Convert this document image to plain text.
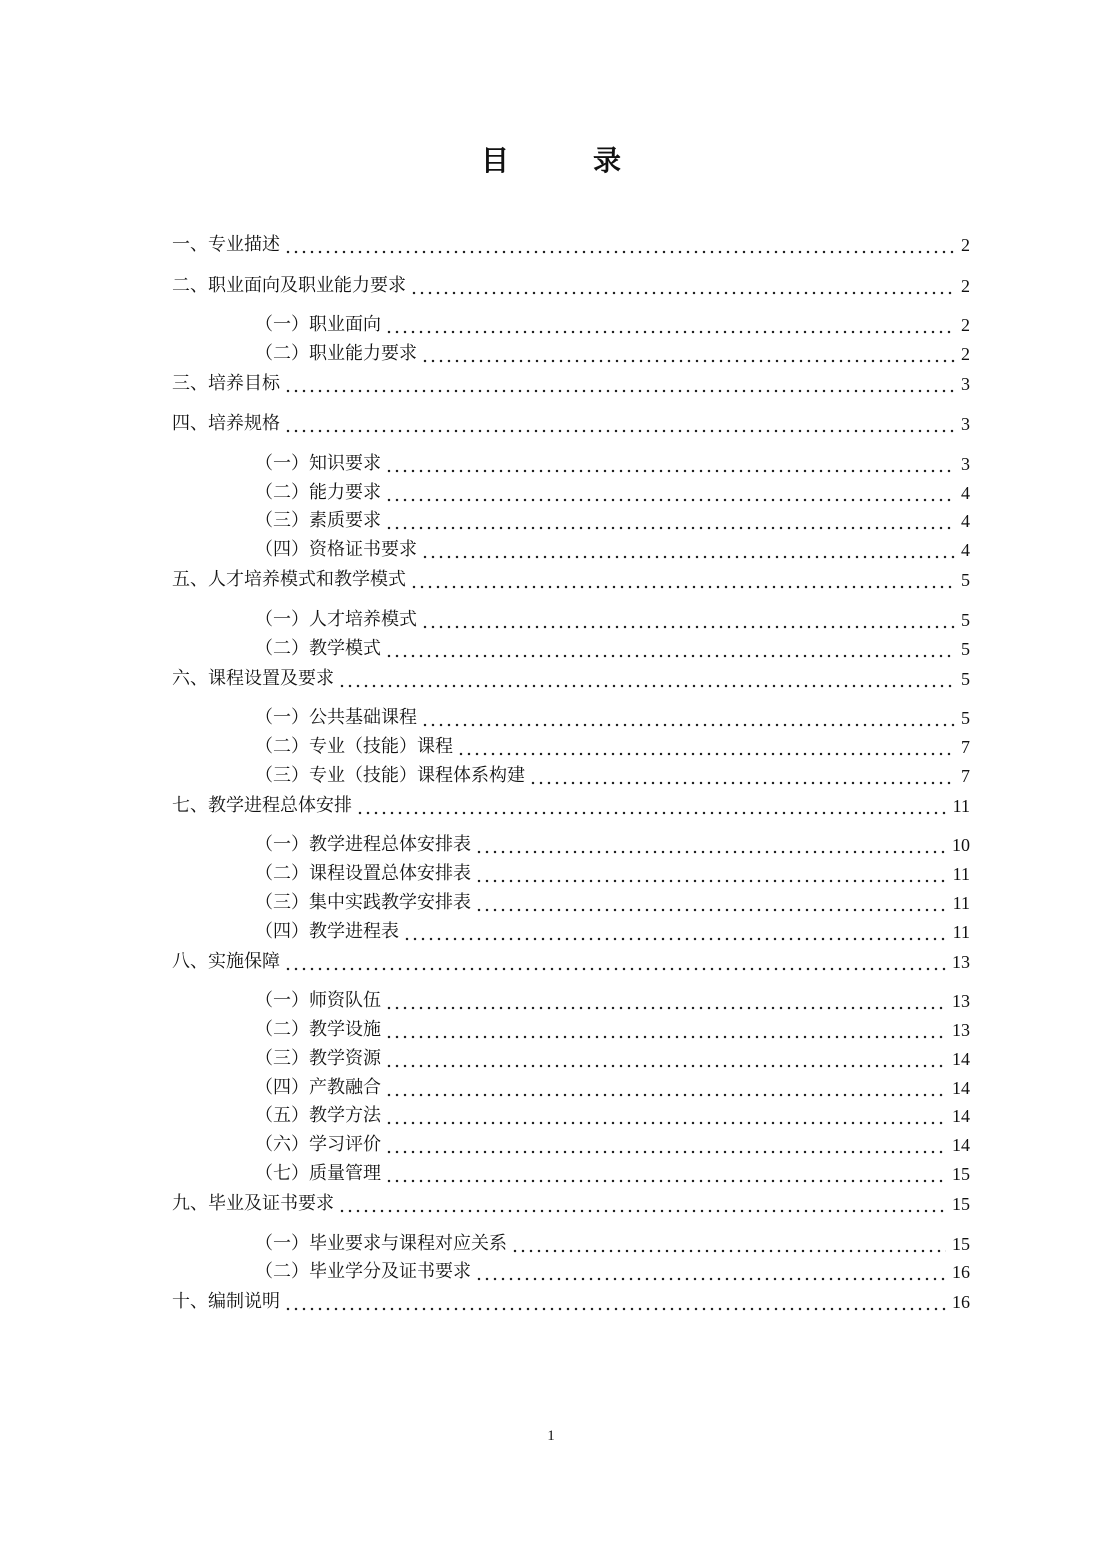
目　录
一、专业描述	2
二、职业面向及职业能力要求	2
（一）职业面向	2
（二）职业能力要求	2
三、培养目标	3
四、培养规格	3
（一）知识要求	3
（二）能力要求	4
（三）素质要求	4
（四）资格证书要求	4
五、人才培养模式和教学模式	5
（一）人才培养模式	5
（二）教学模式	5
六、课程设置及要求	5
（一）公共基础课程	5
（二）专业（技能）课程	7
（三）专业（技能）课程体系构建	7
七、教学进程总体安排	11
（一）教学进程总体安排表	10
（二）课程设置总体安排表	11
（三）集中实践教学安排表	11
（四）教学进程表	11
八、实施保障	13
（一）师资队伍	13
（二）教学设施	13
（三）教学资源	14
（四）产教融合	14
（五）教学方法	14
（六）学习评价	14
（七）质量管理	15
九、毕业及证书要求	15
（一）毕业要求与课程对应关系	15
（二）毕业学分及证书要求	16
十、编制说明	16
1
